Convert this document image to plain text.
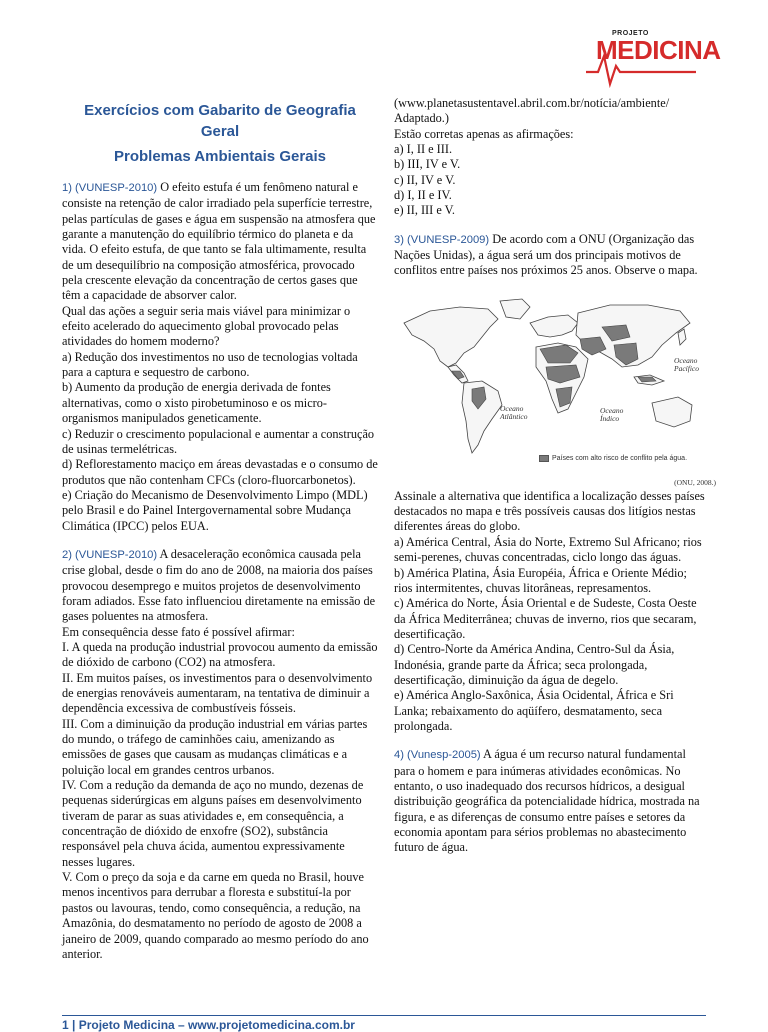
PROJETO
MEDICINA
Exercícios com Gabarito de Geografia
Geral
Problemas Ambientais Gerais

1) (VUNESP-2010) O efeito estufa é um fenômeno natural e consiste na retenção de calor irradiado pela superfície terrestre, pelas partículas de gases e água em suspensão na atmosfera que garante a manutenção do equilíbrio térmico do planeta e da vida. O efeito estufa, de que tanto se fala ultimamente, resulta de um desequilíbrio na composição atmosférica, provocado pela crescente elevação da concentração de certos gases que têm a capacidade de absorver calor.

Qual das ações a seguir seria mais viável para minimizar o efeito acelerado do aquecimento global provocado pelas atividades do homem moderno?

a) Redução dos investimentos no uso de tecnologias voltada para a captura e sequestro de carbono.

b) Aumento da produção de energia derivada de fontes alternativas, como o xisto pirobetuminoso e os micro-organismos manipulados geneticamente.

c) Reduzir o crescimento populacional e aumentar a construção de usinas termelétricas.

d) Reflorestamento maciço em áreas devastadas e o consumo de produtos que não contenham CFCs (cloro-fluorcarbonetos).

e) Criação do Mecanismo de Desenvolvimento Limpo (MDL) pelo Brasil e do Painel Intergovernamental sobre Mudança Climática (IPCC) pelos EUA.

2) (VUNESP-2010) A desaceleração econômica causada pela crise global, desde o fim do ano de 2008, na maioria dos países provocou desemprego e muitos projetos de desenvolvimento foram adiados. Esse fato influenciou diretamente na emissão de gases poluentes na atmosfera.

Em consequência desse fato é possível afirmar:

I. A queda na produção industrial provocou aumento da emissão de dióxido de carbono (CO2) na atmosfera.

II. Em muitos países, os investimentos para o desenvolvimento de energias renováveis aumentaram, na tentativa de diminuir a dependência excessiva de combustíveis fósseis.

III. Com a diminuição da produção industrial em várias partes do mundo, o tráfego de caminhões caiu, amenizando as emissões de gases que causam as mudanças climáticas e a poluição local em grandes centros urbanos.

IV. Com a redução da demanda de aço no mundo, dezenas de pequenas siderúrgicas em alguns países em desenvolvimento tiveram de parar as suas atividades e, em consequência, a concentração de dióxido de enxofre (SO2), substância responsável pela chuva ácida, aumentou expressivamente nesses lugares.

V. Com o preço da soja e da carne em queda no Brasil, houve menos incentivos para derrubar a floresta e substituí-la por pastos ou lavouras, tendo, como consequência, a redução, na Amazônia, do desmatamento no período de agosto de 2008 a janeiro de 2009, quando comparado ao mesmo período do ano anterior.

(www.planetasustentavel.abril.com.br/notícia/ambiente/

Adaptado.)

Estão corretas apenas as afirmações:

a) I, II e III.

b) III, IV e V.

c) II, IV e V.

d) I, II e IV.

e) II, III e V.

3) (VUNESP-2009) De acordo com a ONU (Organização das Nações Unidas), a água será um dos principais motivos de conflitos entre países nos próximos 25 anos. Observe o mapa.

Oceano
Pacífico
Oceano
Atlântico
Oceano
Índico
Países com alto risco de conflito pela água.
(ONU, 2008.)

Assinale a alternativa que identifica a localização desses países destacados no mapa e três possíveis causas dos litígios nestas diferentes áreas do globo.

a) América Central, Ásia do Norte, Extremo Sul Africano; rios semi-perenes, chuvas concentradas, ciclo longo das águas.

b) América Platina, Ásia Européia, África e Oriente Médio; rios intermitentes, chuvas litorâneas, represamentos.

c) América do Norte, Ásia Oriental e de Sudeste, Costa Oeste da África Mediterrânea; chuvas de inverno, rios que secaram, desertificação.

d) Centro-Norte da América Andina, Centro-Sul da Ásia, Indonésia, grande parte da África; seca prolongada, desertificação, diminuição da água de degelo.

e) América Anglo-Saxônica, Ásia Ocidental, África e Sri Lanka; rebaixamento do aqüífero, desmatamento, seca prolongada.

4) (Vunesp-2005) A água é um recurso natural fundamental para o homem e para inúmeras atividades econômicas. No entanto, o uso inadequado dos recursos hídricos, a desigual distribuição geográfica da potencialidade hídrica, mostrada na figura, e as diferenças de consumo entre países e setores da economia apontam para sérios problemas no abastecimento futuro de água.

1 | Projeto Medicina – www.projetomedicina.com.br
